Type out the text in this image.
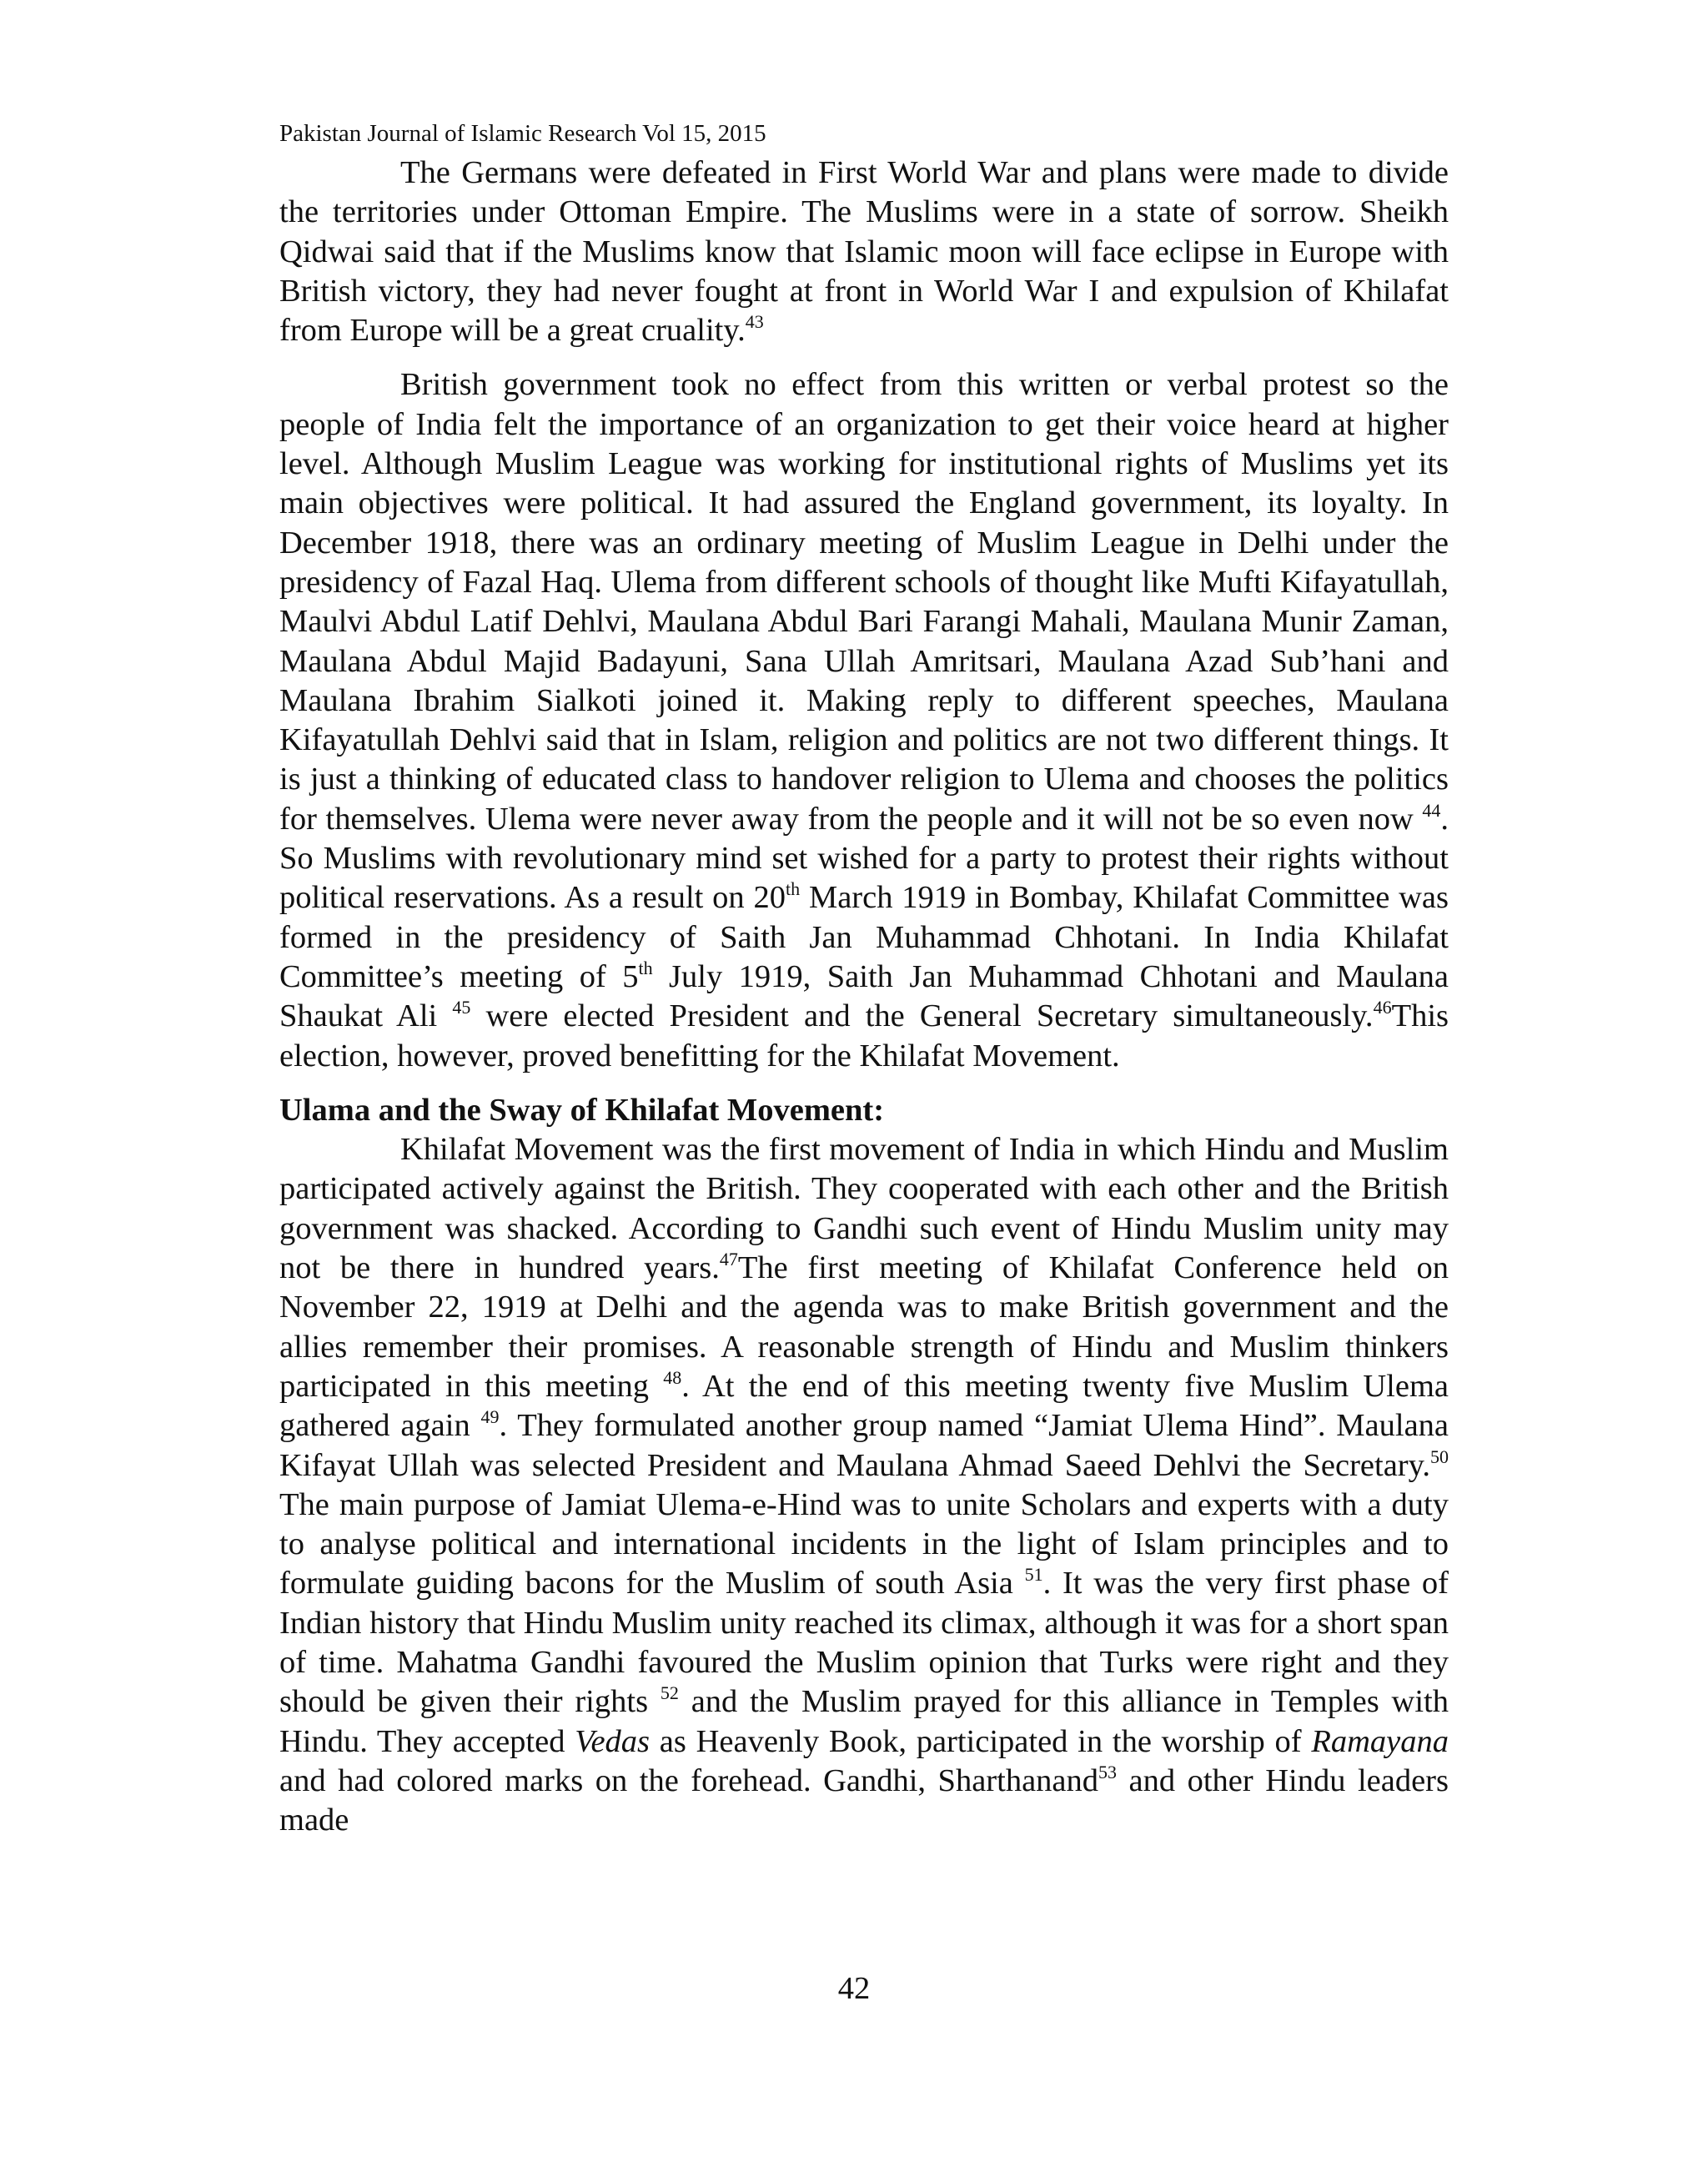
Pakistan Journal of Islamic Research Vol 15, 2015

The Germans were defeated in First World War and plans were made to divide the territories under Ottoman Empire. The Muslims were in a state of sorrow. Sheikh Qidwai said that if the Muslims know that Islamic moon will face eclipse in Europe with British victory, they had never fought at front in World War I and expulsion of Khilafat from Europe will be a great cruality.$^{43}$

British government took no effect from this written or verbal protest so the people of India felt the importance of an organization to get their voice heard at higher level. Although Muslim League was working for institutional rights of Muslims yet its main objectives were political. It had assured the England government, its loyalty. In December 1918, there was an ordinary meeting of Muslim League in Delhi under the presidency of Fazal Haq. Ulema from different schools of thought like Mufti Kifayatullah, Maulvi Abdul Latif Dehlvi, Maulana Abdul Bari Farangi Mahali, Maulana Munir Zaman, Maulana Abdul Majid Badayuni, Sana Ullah Amritsari, Maulana Azad Sub’hani and Maulana Ibrahim Sialkoti joined it. Making reply to different speeches, Maulana Kifayatullah Dehlvi said that in Islam, religion and politics are not two different things. It is just a thinking of educated class to handover religion to Ulema and chooses the politics for themselves. Ulema were never away from the people and it will not be so even now $^{44}$. So Muslims with revolutionary mind set wished for a party to protest their rights without political reservations. As a result on 20th March 1919 in Bombay, Khilafat Committee was formed in the presidency of Saith Jan Muhammad Chhotani. In India Khilafat Committee’s meeting of 5th July 1919, Saith Jan Muhammad Chhotani and Maulana Shaukat Ali $^{45}$ were elected President and the General Secretary simultaneously.$^{46}$This election, however, proved benefitting for the Khilafat Movement.

Ulama and the Sway of Khilafat Movement:

Khilafat Movement was the first movement of India in which Hindu and Muslim participated actively against the British. They cooperated with each other and the British government was shacked. According to Gandhi such event of Hindu Muslim unity may not be there in hundred years.$^{47}$The first meeting of Khilafat Conference held on November 22, 1919 at Delhi and the agenda was to make British government and the allies remember their promises. A reasonable strength of Hindu and Muslim thinkers participated in this meeting $^{48}$. At the end of this meeting twenty five Muslim Ulema gathered again $^{49}$. They formulated another group named “Jamiat Ulema Hind”. Maulana Kifayat Ullah was selected President and Maulana Ahmad Saeed Dehlvi the Secretary.$^{50}$ The main purpose of Jamiat Ulema-e-Hind was to unite Scholars and experts with a duty to analyse political and international incidents in the light of Islam principles and to formulate guiding bacons for the Muslim of south Asia $^{51}$. It was the very first phase of Indian history that Hindu Muslim unity reached its climax, although it was for a short span of time. Mahatma Gandhi favoured the Muslim opinion that Turks were right and they should be given their rights $^{52}$ and the Muslim prayed for this alliance in Temples with Hindu. They accepted Vedas as Heavenly Book, participated in the worship of Ramayana and had colored marks on the forehead. Gandhi, Sharthanand$^{53}$ and other Hindu leaders made

42
